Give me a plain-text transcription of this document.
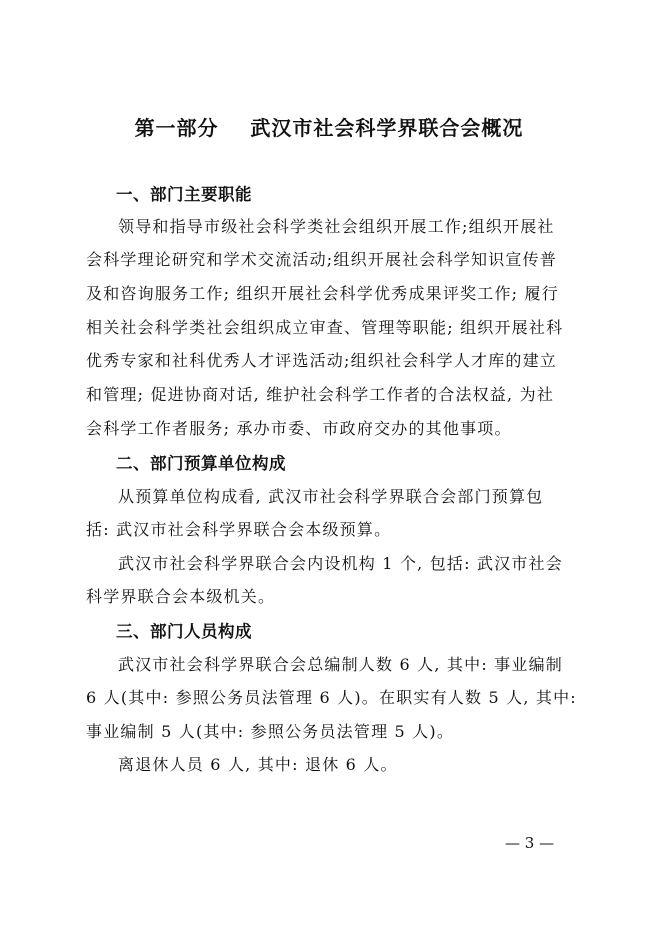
第一部分    武汉市社会科学界联合会概况
一、部门主要职能
领导和指导市级社会科学类社会组织开展工作;组织开展社
会科学理论研究和学术交流活动;组织开展社会科学知识宣传普
及和咨询服务工作; 组织开展社会科学优秀成果评奖工作; 履行
相关社会科学类社会组织成立审查、管理等职能; 组织开展社科
优秀专家和社科优秀人才评选活动;组织社会科学人才库的建立
和管理; 促进协商对话, 维护社会科学工作者的合法权益, 为社
会科学工作者服务; 承办市委、市政府交办的其他事项。
二、部门预算单位构成
从预算单位构成看, 武汉市社会科学界联合会部门预算包
括: 武汉市社会科学界联合会本级预算。
武汉市社会科学界联合会内设机构 1 个, 包括: 武汉市社会
科学界联合会本级机关。
三、部门人员构成
武汉市社会科学界联合会总编制人数 6 人, 其中: 事业编制
6 人(其中: 参照公务员法管理 6 人)。在职实有人数 5 人, 其中:
事业编制 5 人(其中: 参照公务员法管理 5 人)。
离退休人员 6 人, 其中: 退休 6 人。
— 3 —
